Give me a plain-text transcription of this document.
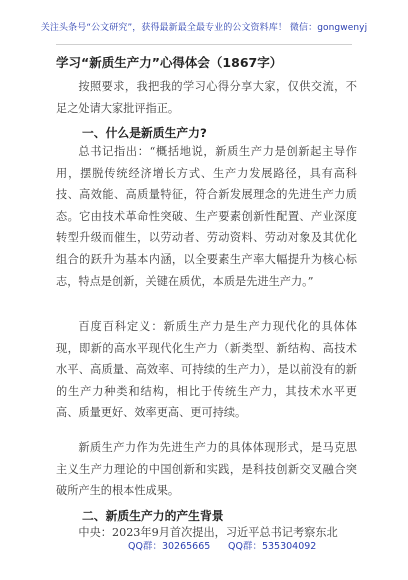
关注头条号“公文研究”，获得最新最全最专业的公文资料库！ 微信：gongwenyj
学习“新质生产力”心得体会（1867字）
按照要求，我把我的学习心得分享大家，仅供交流，不足之处请大家批评指正。
一、什么是新质生产力?
总书记指出：“概括地说，新质生产力是创新起主导作用，摆脱传统经济增长方式、生产力发展路径，具有高科技、高效能、高质量特征，符合新发展理念的先进生产力质态。它由技术革命性突破、生产要素创新性配置、产业深度转型升级而催生，以劳动者、劳动资料、劳动对象及其优化组合的跃升为基本内涵，以全要素生产率大幅提升为核心标志，特点是创新，关键在质优，本质是先进生产力。”
百度百科定义：新质生产力是生产力现代化的具体体现，即新的高水平现代化生产力（新类型、新结构、高技术水平、高质量、高效率、可持续的生产力），是以前没有的新的生产力种类和结构，相比于传统生产力，其技术水平更高、质量更好、效率更高、更可持续。
新质生产力作为先进生产力的具体体现形式，是马克思主义生产力理论的中国创新和实践，是科技创新交叉融合突破所产生的根本性成果。
二、新质生产力的产生背景
中央：2023年9月首次提出，习近平总书记考察东北
QQ群：30265665 QQ群：535304092
